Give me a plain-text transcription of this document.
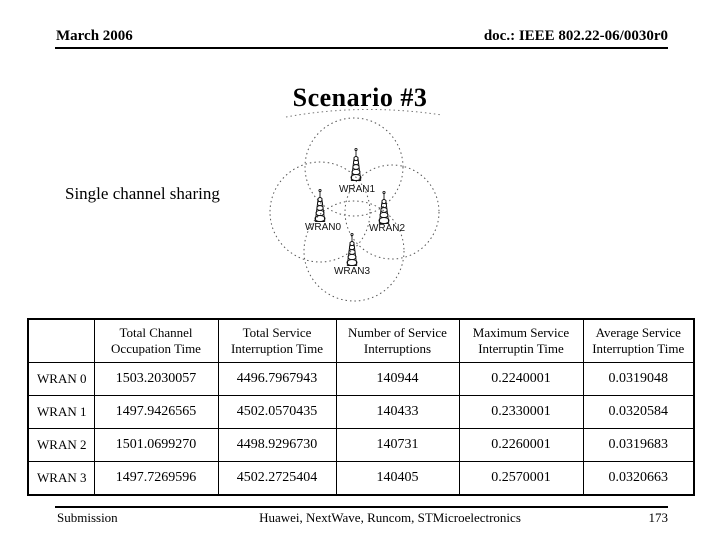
March 2006	doc.: IEEE 802.22-06/0030r0
Scenario #3
Single channel sharing	WRAN1
WRAN0	WRAN2
WRAN3
	Total Channel Occupation Time	Total Service Interruption Time	Number of Service Interruptions	Maximum Service Interruptin Time	Average Service Interruption Time
WRAN 0	1503.2030057	4496.7967943	140944	0.2240001	0.0319048
WRAN 1	1497.9426565	4502.0570435	140433	0.2330001	0.0320584
WRAN 2	1501.0699270	4498.9296730	140731	0.2260001	0.0319683
WRAN 3	1497.7269596	4502.2725404	140405	0.2570001	0.0320663
Huawei, NextWave, Runcom, STMicroelectronics
Submission	173
